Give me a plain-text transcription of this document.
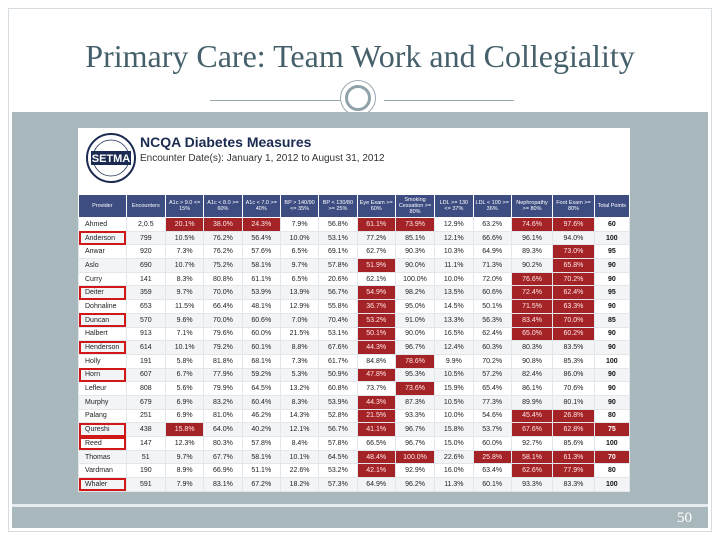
Primary Care: Team Work and Collegiality
SETMA
NCQA Diabetes Measures
Encounter Date(s): January 1, 2012 to August 31, 2012
Provider	Encounters	A1c > 9.0 <= 15%	A1c < 8.0 >= 60%	A1c < 7.0 >= 40%	BP > 140/90 <= 35%	BP < 130/80 >= 25%	Eye Exam >= 60%	Smoking Cessation >= 80%	LDL >= 130 <= 37%	LDL < 100 >= 36%	Nephropathy >= 80%	Foot Exam >= 80%	Total Points
Ahmed	2,0.5	20.1%	38.0%	24.3%	7.9%	56.8%	61.1%	73.9%	12.9%	63.2%	74.6%	97.6%	60
Anderson	799	10.5%	76.2%	56.4%	10.0%	53.1%	77.2%	85.1%	12.1%	66.6%	96.1%	94.0%	100
Anwar	920	7.3%	76.2%	57.6%	6.5%	69.1%	62.7%	90.3%	10.3%	64.9%	89.3%	73.0%	95
Aslo	690	10.7%	75.2%	58.1%	9.7%	57.8%	51.9%	90.0%	11.1%	71.3%	90.2%	65.8%	90
Curry	141	8.3%	80.8%	61.1%	6.5%	20.6%	62.1%	100.0%	10.0%	72.0%	76.6%	70.2%	90
Deiter	359	9.7%	70.0%	53.9%	13.9%	56.7%	54.9%	98.2%	13.5%	60.6%	72.4%	62.4%	95
Dohnaline	653	11.5%	66.4%	48.1%	12.9%	55.8%	36.7%	95.0%	14.5%	50.1%	71.5%	63.3%	90
Duncan	570	9.6%	70.0%	60.6%	7.0%	70.4%	53.2%	91.0%	13.3%	56.3%	83.4%	70.0%	85
Halbert	913	7.1%	79.6%	60.0%	21.5%	53.1%	50.1%	90.0%	16.5%	62.4%	65.0%	60.2%	90
Henderson	614	10.1%	79.2%	60.1%	8.8%	67.6%	44.3%	96.7%	12.4%	60.3%	80.3%	83.5%	90
Holly	191	5.8%	81.8%	68.1%	7.3%	61.7%	84.8%	78.6%	9.9%	70.2%	90.8%	85.3%	100
Horn	607	6.7%	77.9%	59.2%	5.3%	50.9%	47.8%	95.3%	10.5%	57.2%	82.4%	86.0%	90
Lefleur	808	5.6%	79.9%	64.5%	13.2%	60.8%	73.7%	73.6%	15.9%	65.4%	86.1%	70.6%	90
Murphy	679	6.9%	83.2%	60.4%	8.3%	53.9%	44.3%	87.3%	10.5%	77.3%	89.9%	80.1%	90
Palang	251	6.9%	81.0%	46.2%	14.3%	52.8%	21.5%	93.3%	10.0%	54.6%	45.4%	26.8%	80
Qureshi	438	15.8%	64.0%	40.2%	12.1%	56.7%	41.1%	96.7%	15.8%	53.7%	67.6%	62.8%	75
Reed	147	12.3%	80.3%	57.8%	8.4%	57.8%	66.5%	96.7%	15.0%	60.0%	92.7%	85.6%	100
Thomas	51	9.7%	67.7%	58.1%	10.1%	64.5%	48.4%	100.0%	22.6%	25.8%	58.1%	61.3%	70
Vardman	190	8.9%	66.9%	51.1%	22.6%	53.2%	42.1%	92.9%	16.0%	63.4%	62.6%	77.9%	80
Whaler	591	7.9%	83.1%	67.2%	18.2%	57.3%	64.9%	96.2%	11.3%	60.1%	93.3%	83.3%	100
50
